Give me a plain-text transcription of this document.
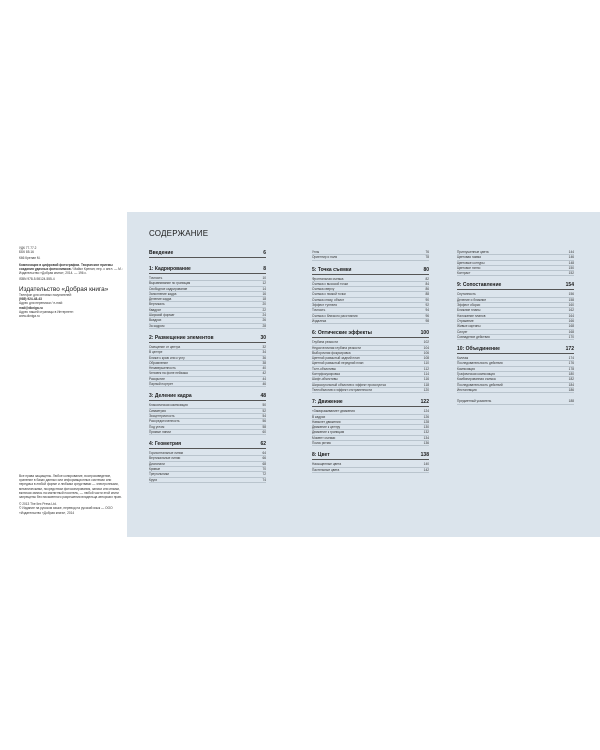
УДК 77.77.2

ББК 85.16

К66 Кренан М.

Композиция в цифровой фотографии. Творческие приемы создания удачных фотоснимков / Майкл Кренан; пер. с англ. — М.: Издательство «Добрая книга», 2014. — 196 с.

ISBN 978-5-98124-555-4

Издательство «Добрая книга»

Телефон для оптовых покупателей:

(985) 924-48-43

Адрес для переписки / e-mail:

mail@dkniga.ru

Адрес нашей страницы в Интернете:

www.dkniga.ru

Все права защищены. Любое копирование, воспроизведение, хранение в базах данных или информационных системах или передача в любой форме и любыми средствами — электронными, механическими, посредством фотокопирования, записи или иными, включая запись на магнитный носитель, — любой части этой книги запрещены без письменного разрешения владельца авторских прав.

© 2013 The Ilex Press Ltd.

© Издание на русском языке, перевод на русский язык — ООО «Издательство «Добрая книга», 2014

СОДЕРЖАНИЕ
Введение	6
1: Кадрирование	8
Точность	10
Выравнивание по границам	12
Свободное кадрирование	14
Заполнение кадра	16
Деление кадра	18
Вертикаль	20
Квадрат	22
Широкий формат	24
Вкадрах	26
За кадром	28
2: Размещение элементов	30
Смещение от центра	32
В центре	34
Ближе к краю или к углу	36
Обрамление	38
Незавершенность	40
Человек на фоне пейзажа	42
Раскрытие	44
Парный портрет	46
3: Деление кадра	48
Классическая композиция	50
Симметрия	52
Эксцентричность	54
Рассредоточенность	56
Под углом	58
Прямые линии	60
4: Геометрия	62
Горизонтальные линии	64
Вертикальные линии	66
Диагонали	68
Кривые	70
Треугольники	72
Круги	74
Углы	76
Ориентир и поля	78
5: Точка съемки	80
Фронтальная съемка	82
Съемка с высокой точки	84
Съемка сверху	86
Съемка с низкой точки	88
Съемка снизу, объект	90
Эффект туннеля	92
Точность	94
Съемка с близкого расстояния	96
Издалека	98
6: Оптические эффекты	100
Глубина резкости	102
Недостаточная глубина резкости	104
Выборочная фокусировка	106
Цветной размытый задний план	108
Цветной размытый передний план	110
Тилт-объективы	112
Контрфокусировка	114
Шифт-объективы	116
Широкоугольный объектив и эффект прохолустья	118
Телеобъектив и эффект отстраненности	120
7: Движение	122
«Замораживание» движения	124
В кадрах	126
Навылет движения	128
Движение к центру	130
Движение к границам	132
Момент съемки	134
Поиск ритма	136
8: Цвет	138
Насыщенные цвета	140
Пастельные цвета	142
Приглушенные цвета	144
Цветовая гамма	146
Цветовые контуры	148
Цветовое пятно	150
Контраст	152
9: Сопоставление	154
Спутанность	156
Деление и ближние	158
Эффект сборки	160
Ближние планы	162
Наложение планов	164
Отражение	166
Живые картины	168
Силуэт	168
Совпадение действия	170
10: Объединение	172
Коллаж	174
Последовательность действия	176
Композиция	178
Графическая композиция	180
Комбинированная съемка	182
Последовательность действий	184
Инсталляция	186
Предметный указатель	188
